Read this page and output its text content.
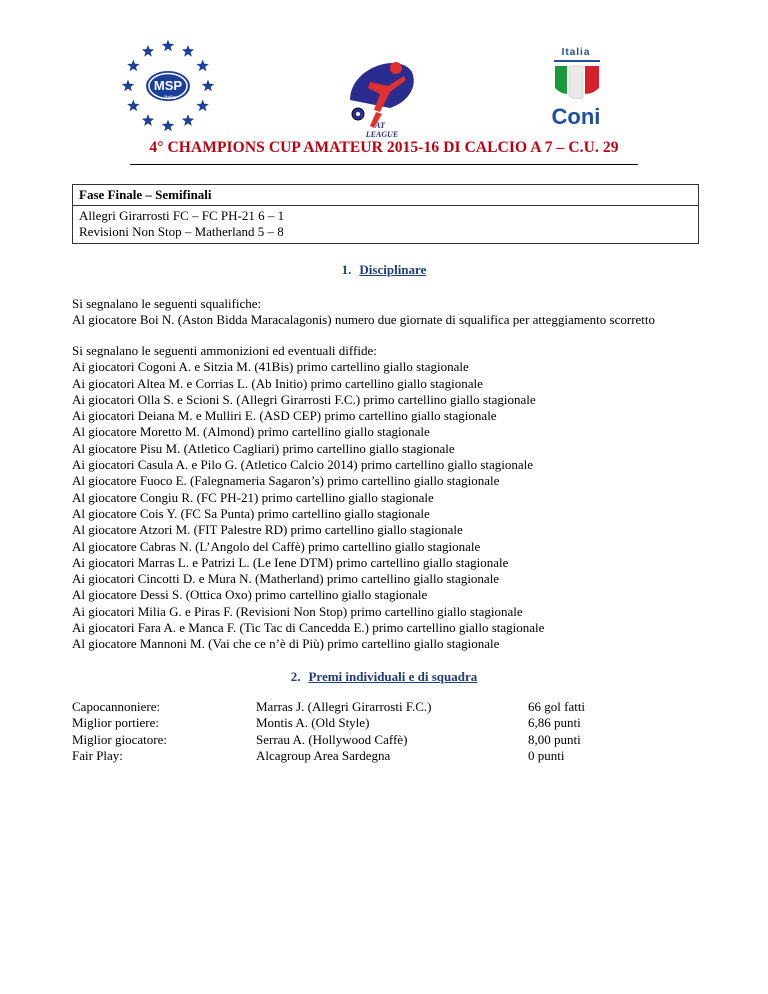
MSP
Italia
AT
LEAGUE
Italia
Coni
4° CHAMPIONS CUP AMATEUR 2015-16 DI CALCIO A 7 – C.U. 29
Fase Finale – Semifinali
Allegri Girarrosti FC – FC PH-21 6 – 1
Revisioni Non Stop – Matherland 5 – 8
1. Disciplinare
Si segnalano le seguenti squalifiche:
Al giocatore Boi N. (Aston Bidda Maracalagonis) numero due giornate di squalifica per atteggiamento scorretto
Si segnalano le seguenti ammonizioni ed eventuali diffide:
Ai giocatori Cogoni A. e Sitzia M. (41Bis) primo cartellino giallo stagionale
Ai giocatori Altea M. e Corrias L. (Ab Initio) primo cartellino giallo stagionale
Ai giocatori Olla S. e Scioni S. (Allegri Girarrosti F.C.) primo cartellino giallo stagionale
Ai giocatori Deiana M. e Mulliri E. (ASD CEP) primo cartellino giallo stagionale
Al giocatore Moretto M. (Almond) primo cartellino giallo stagionale
Al giocatore Pisu M. (Atletico Cagliari) primo cartellino giallo stagionale
Ai giocatori Casula A. e Pilo G. (Atletico Calcio 2014) primo cartellino giallo stagionale
Al giocatore Fuoco E. (Falegnameria Sagaron’s) primo cartellino giallo stagionale
Al giocatore Congiu R. (FC PH-21) primo cartellino giallo stagionale
Al giocatore Cois Y. (FC Sa Punta) primo cartellino giallo stagionale
Al giocatore Atzori M. (FIT Palestre RD) primo cartellino giallo stagionale
Al giocatore Cabras N. (L’Angolo del Caffè) primo cartellino giallo stagionale
Ai giocatori Marras L. e Patrizi L. (Le Iene DTM) primo cartellino giallo stagionale
Ai giocatori Cincotti D. e Mura N. (Matherland) primo cartellino giallo stagionale
Al giocatore Dessi S. (Ottica Oxo) primo cartellino giallo stagionale
Ai giocatori Milia G. e Piras F. (Revisioni Non Stop) primo cartellino giallo stagionale
Ai giocatori Fara A. e Manca F. (Tic Tac di Cancedda E.) primo cartellino giallo stagionale
Al giocatore Mannoni M. (Vai che ce n’è di Più) primo cartellino giallo stagionale
2. Premi individuali e di squadra
Capocannoniere:
Miglior portiere:
Miglior giocatore:
Fair Play:
Marras J. (Allegri Girarrosti F.C.)
Montis A. (Old Style)
Serrau A. (Hollywood Caffè)
Alcagroup Area Sardegna
66 gol fatti
6,86 punti
8,00 punti
0 punti
